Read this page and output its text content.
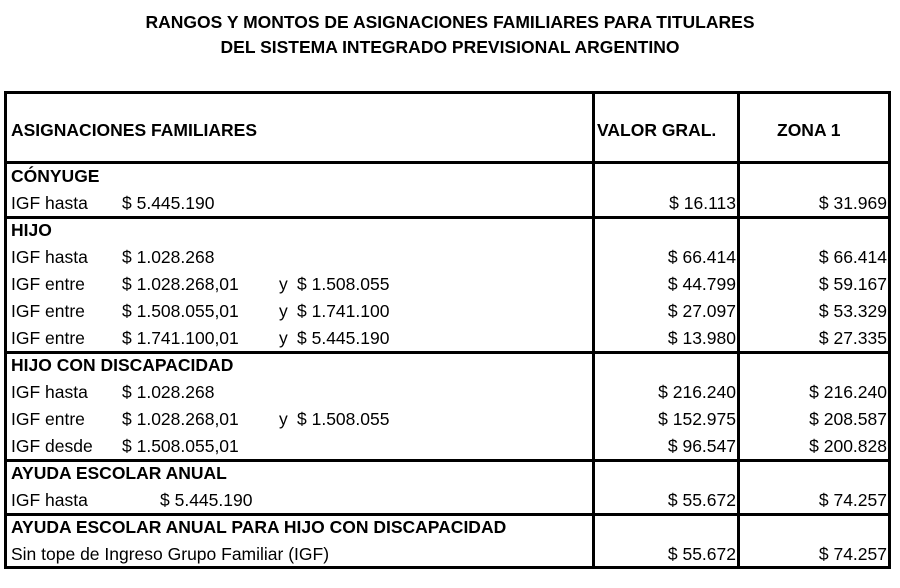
RANGOS Y MONTOS DE ASIGNACIONES FAMILIARES PARA TITULARES
DEL SISTEMA INTEGRADO PREVISIONAL ARGENTINO
ASIGNACIONES FAMILIARES	VALOR GRAL.	ZONA 1
CÓNYUGE
IGF hasta $ 5.445.190	$ 16.113	$ 31.969
HIJO
IGF hasta $ 1.028.268	$ 66.414	$ 66.414
IGF entre $ 1.028.268,01 y $ 1.508.055	$ 44.799	$ 59.167
IGF entre $ 1.508.055,01 y $ 1.741.100	$ 27.097	$ 53.329
IGF entre $ 1.741.100,01 y $ 5.445.190	$ 13.980	$ 27.335
HIJO CON DISCAPACIDAD
IGF hasta $ 1.028.268	$ 216.240	$ 216.240
IGF entre $ 1.028.268,01 y $ 1.508.055	$ 152.975	$ 208.587
IGF desde $ 1.508.055,01	$ 96.547	$ 200.828
AYUDA ESCOLAR ANUAL
IGF hasta	$ 5.445.190	$ 55.672	$ 74.257
AYUDA ESCOLAR ANUAL PARA HIJO CON DISCAPACIDAD
Sin tope de Ingreso Grupo Familiar (IGF)	$ 55.672	$ 74.257
